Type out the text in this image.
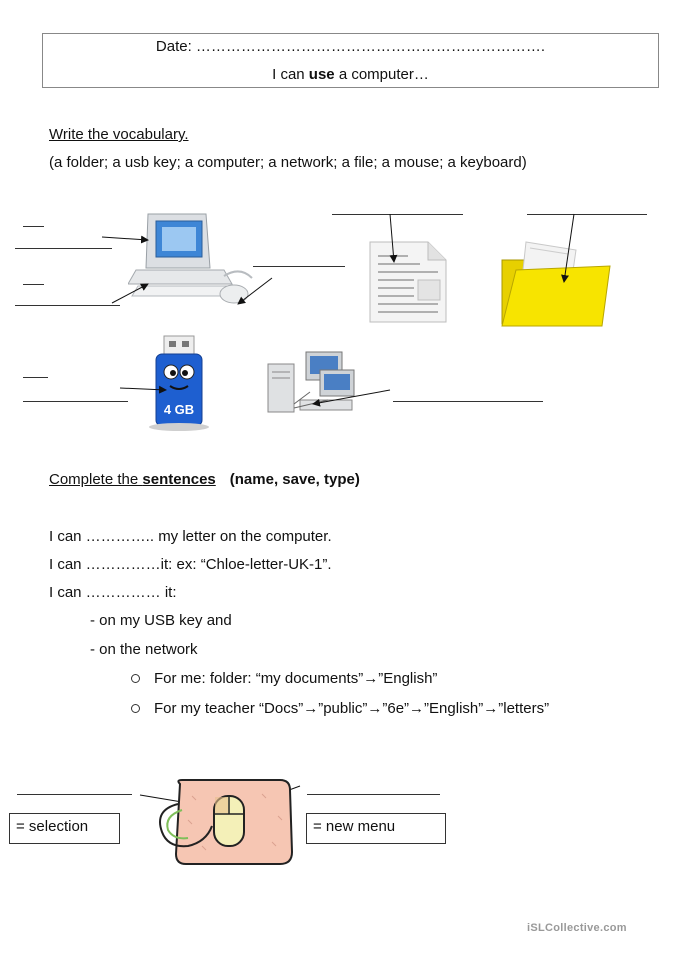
Date: …………………………………………………………….
I can use a computer…
Write the vocabulary.
(a folder; a usb key; a computer; a network; a file; a mouse; a keyboard)
4 GB
Complete the sentences (name, save, type)
I can ………….. my letter on the computer.
I can ……………it: ex: “Chloe-letter-UK-1”.
I can …………… it:
- on my USB key and
- on the network
For me: folder: “my documents”→”English”
For my teacher “Docs”→”public”→”6e”→”English”→”letters”
= selection	= new menu
iSLCollective.com
